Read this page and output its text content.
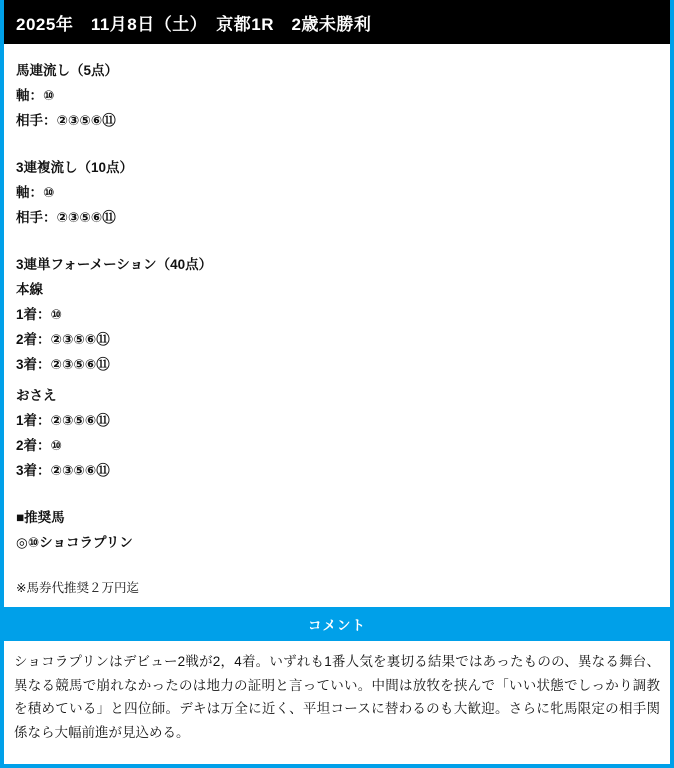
2025年　11月8日（土）　京都1R　2歳未勝利
馬連流し（5点）
軸：⑩
相手：②③⑤⑥⑪
3連複流し（10点）
軸：⑩
相手：②③⑤⑥⑪
3連単フォーメーション（40点）
本線
1着：⑩
2着：②③⑤⑥⑪
3着：②③⑤⑥⑪
おさえ
1着：②③⑤⑥⑪
2着：⑩
3着：②③⑤⑥⑪
■推奨馬
◎⑩ショコラプリン
※馬券代推奨２万円迄
コメント
ショコラプリンはデビュー2戦が2，4着。いずれも1番人気を裏切る結果ではあったものの、異なる舞台、異なる競馬で崩れなかったのは地力の証明と言っていい。中間は放牧を挟んで「いい状態でしっかり調教を積めている」と四位師。デキは万全に近く、平坦コースに替わるのも大歓迎。さらに牝馬限定の相手関係なら大幅前進が見込める。
